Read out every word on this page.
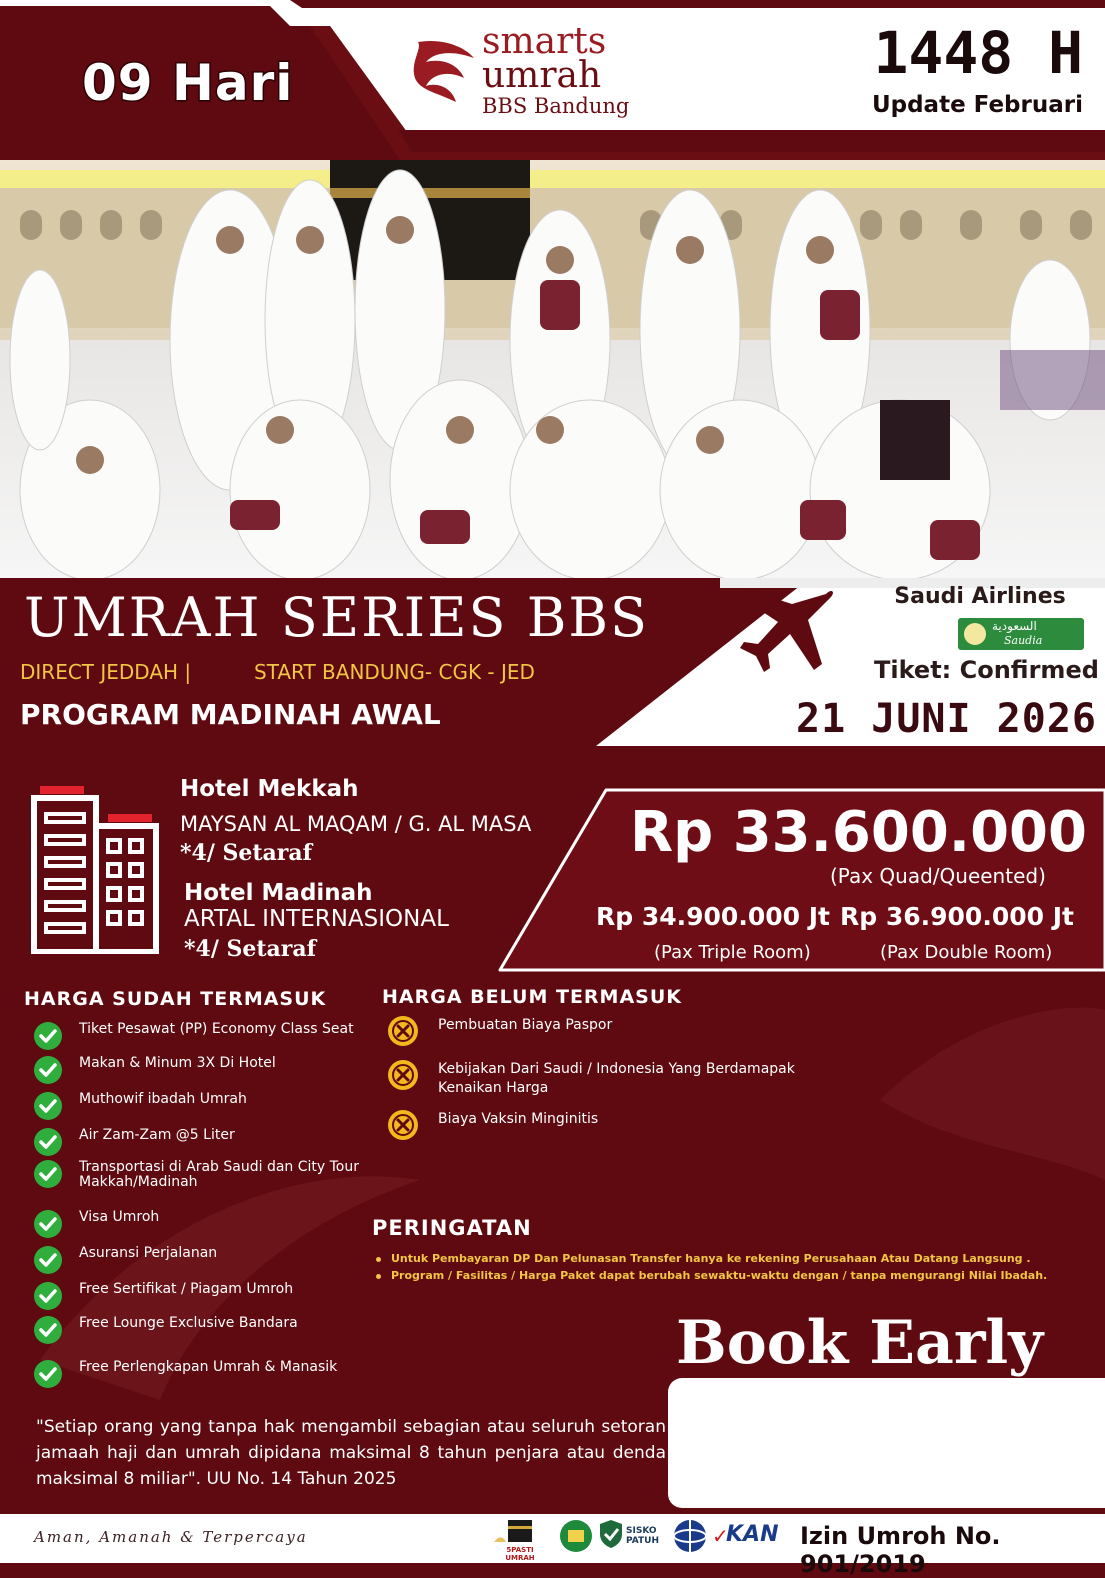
09 Hari
smarts
umrah
BBS Bandung
1448 H
Update Februari
UMRAH SERIES BBS
DIRECT JEDDAH |	START BANDUNG- CGK - JED
PROGRAM MADINAH AWAL
Saudi Airlines
السعودية
Saudia
Tiket: Confirmed
21 JUNI 2026
Hotel Mekkah
MAYSAN AL MAQAM / G. AL MASA
*4/ Setaraf
Hotel Madinah
ARTAL INTERNASIONAL
*4/ Setaraf
Rp 33.600.000
(Pax Quad/Queented)
Rp 34.900.000 Jt Rp 36.900.000 Jt
(Pax Triple Room)	(Pax Double Room)
HARGA SUDAH TERMASUK
Tiket Pesawat (PP) Economy Class Seat
Makan & Minum 3X Di Hotel
Muthowif ibadah Umrah
Air Zam-Zam @5 Liter
Transportasi di Arab Saudi dan City Tour Makkah/Madinah
Visa Umroh
Asuransi Perjalanan
Free Sertifikat / Piagam Umroh
Free Lounge Exclusive Bandara
Free Perlengkapan Umrah & Manasik
HARGA BELUM TERMASUK
Pembuatan Biaya Paspor
Kebijakan Dari Saudi / Indonesia Yang Berdamapak Kenaikan Harga
Biaya Vaksin Minginitis
PERINGATAN
Untuk Pembayaran DP Dan Pelunasan Transfer hanya ke rekening Perusahaan Atau Datang Langsung .
Program / Fasilitas / Harga Paket dapat berubah sewaktu-waktu dengan / tanpa mengurangi Nilai Ibadah.
Book Early
"Setiap orang yang tanpa hak mengambil sebagian atau seluruh setoran jamaah haji dan umrah dipidana maksimal 8 tahun penjara atau denda maksimal 8 miliar". UU No. 14 Tahun 2025
Aman, Amanah & Terpercaya
5PASTI UMRAH
SISKO PATUH	✓
KAN Izin Umroh No. 901/2019
